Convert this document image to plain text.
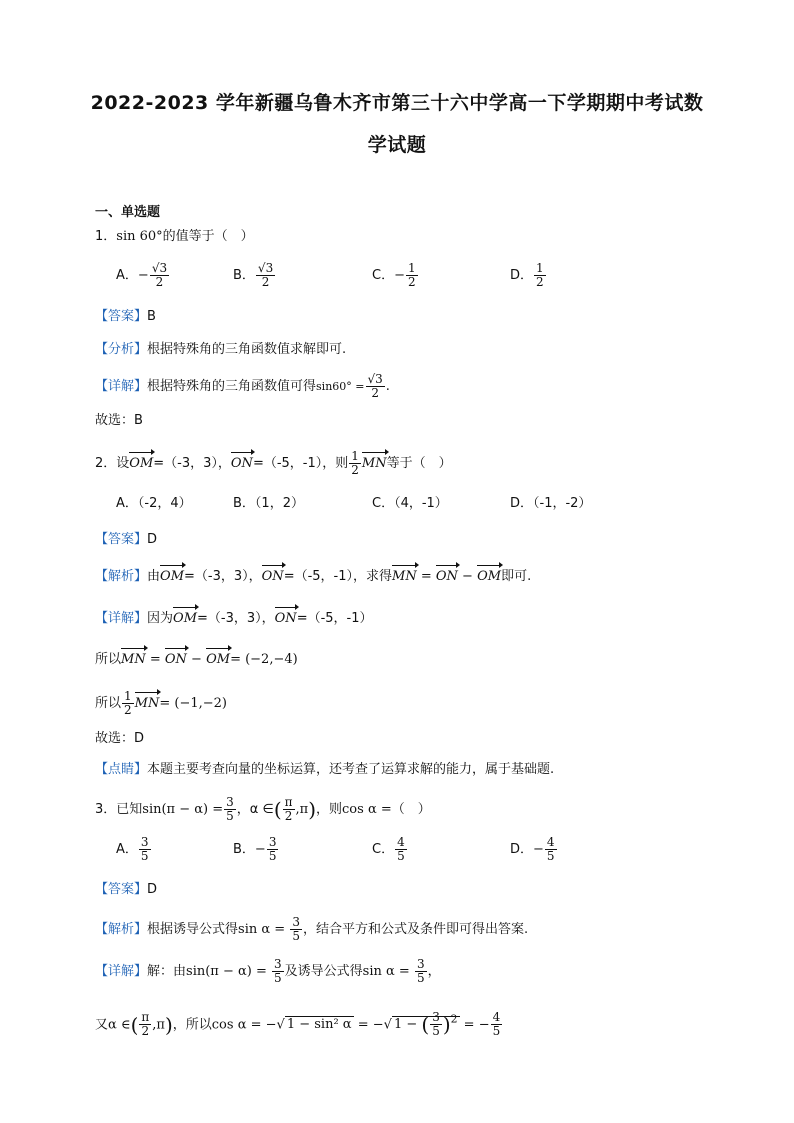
2022-2023 学年新疆乌鲁木齐市第三十六中学高一下学期期中考试数
学试题
一、单选题
1．sin 60°的值等于（　）
A．− $\frac{√3}{2}$	B． $\frac{√3}{2}$	C．− $\frac{1}{2}$	D． $\frac{1}{2}$
【答案】B
【分析】根据特殊角的三角函数值求解即可.
【详解】根据特殊角的三角函数值可得$\sin 60^\circ = \frac{√3}{2}$ .
故选：B
2．设OM=（-3，3），ON=（-5，-1），则 $\frac{1}{2}$ MN等于（　）
A．（-2，4）	B．（1，2）	C．（4，-1）	D．（-1，-2）
【答案】D
【解析】由OM=（-3，3），ON=（-5，-1），求得MN = ON − OM即可.
【详解】因为OM=（-3，3），ON=（-5，-1）
所以MN = ON − OM= (−2,−4)
所以 $\frac{1}{2} MN= (-1,-2)$
故选：D
【点睛】本题主要考查向量的坐标运算，还考查了运算求解的能力，属于基础题.
3．已知$\sin(\pi - \alpha) = \frac{3}{5}$ ，α ∈( $\frac{\pi}{2} ,\pi$)，则cos α =（　）
A． $\frac{3}{5}$	B．− $\frac{3}{5}$	C． $\frac{4}{5}$	D．− $\frac{4}{5}$
【答案】D
【解析】根据诱导公式得$\sin \alpha = \frac{3}{5}$ ，结合平方和公式及条件即可得出答案.
【详解】解：由$\sin(\pi - \alpha) = \frac{3}{5}$ 及诱导公式得$\sin \alpha = \frac{3}{5}$ ，
又α ∈( $\frac{\pi}{2} ,\pi$)，所以cos α = −√ 1 − sin² α = −√ 1 − ( $\frac{3}{5} )^2$ = − $\frac{4}{5}$
